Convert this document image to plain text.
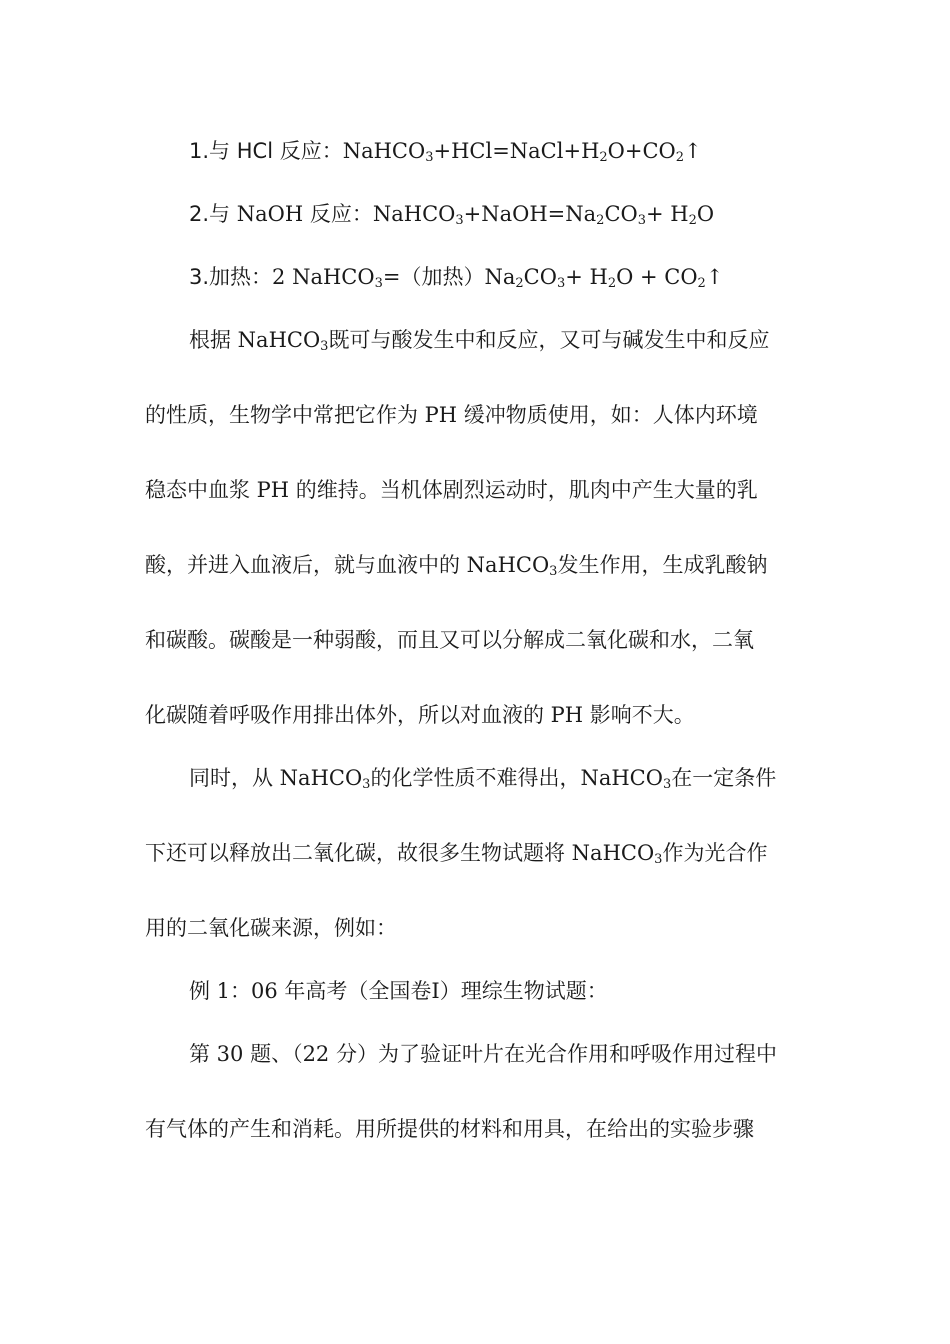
1.与 HCl 反应：$NaHCO_3+HCl=NaCl+H_2O+CO_2↑$
2.与 NaOH 反应：$NaHCO_3+NaOH=Na_2CO_3+ H_2O$
3.加热：2 NaHCO$_3$=（加热）$Na_2CO_3+ H_2O$ + $CO_2↑$
根据 NaHCO$_3$既可与酸发生中和反应，又可与碱发生中和反应
的性质，生物学中常把它作为 PH 缓冲物质使用，如：人体内环境
稳态中血浆 PH 的维持。当机体剧烈运动时，肌肉中产生大量的乳
酸，并进入血液后，就与血液中的 NaHCO$_3$发生作用，生成乳酸钠
和碳酸。碳酸是一种弱酸，而且又可以分解成二氧化碳和水，二氧
化碳随着呼吸作用排出体外，所以对血液的 PH 影响不大。
同时，从 NaHCO$_3$的化学性质不难得出，NaHCO$_3$在一定条件
下还可以释放出二氧化碳，故很多生物试题将 NaHCO$_3$作为光合作
用的二氧化碳来源，例如：
例 1：06 年高考（全国卷Ⅰ）理综生物试题：
第 30 题、（22 分）为了验证叶片在光合作用和呼吸作用过程中
有气体的产生和消耗。用所提供的材料和用具，在给出的实验步骤
